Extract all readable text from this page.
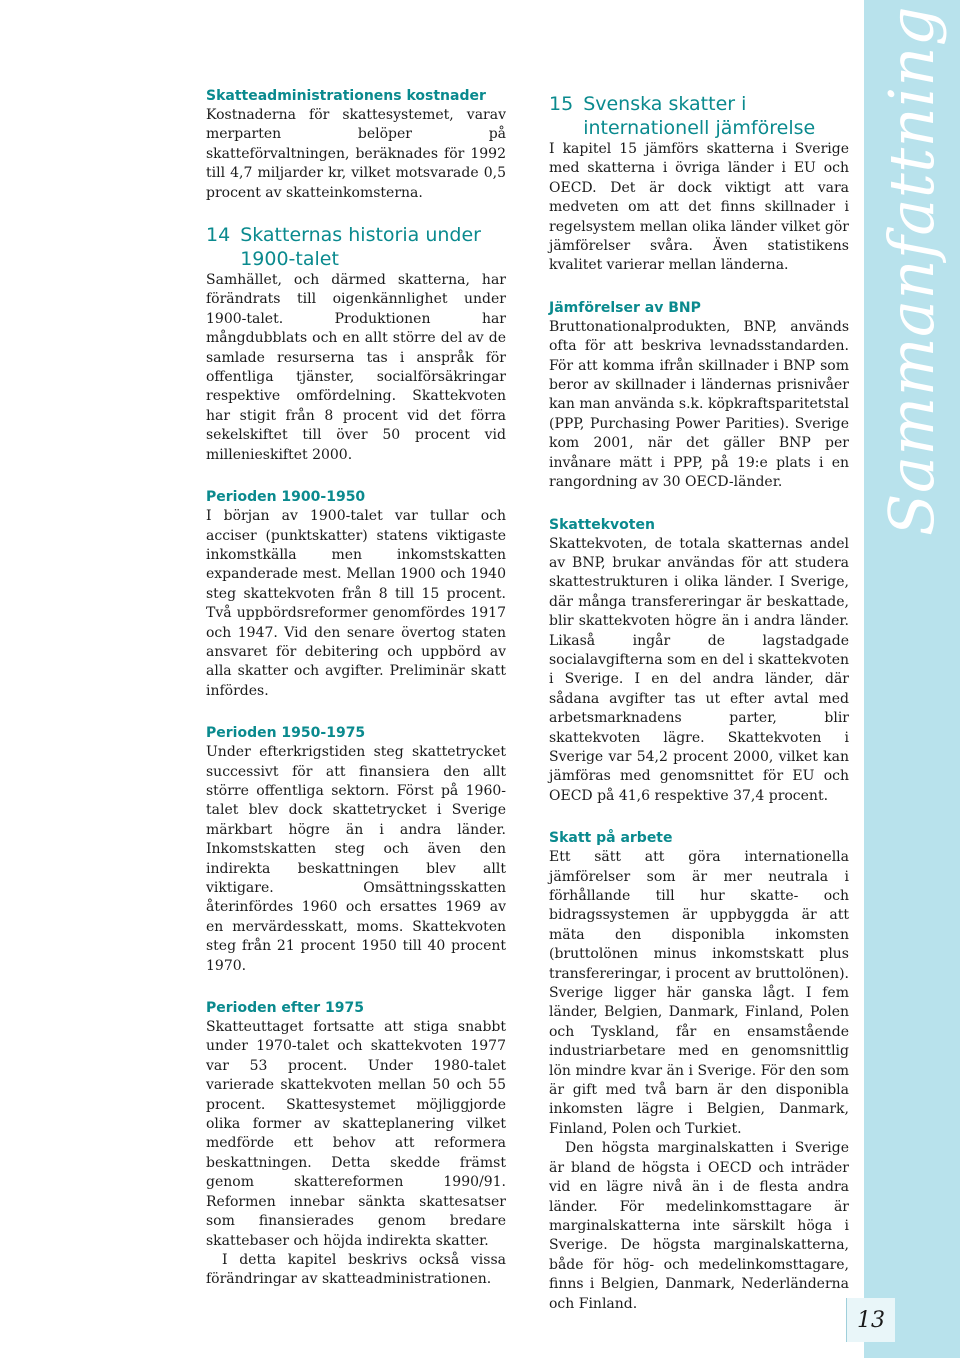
Skatteadministrationens kostnader

Kostnaderna för skattesystemet, varav merparten belöper på skatteförvaltningen, beräknades för 1992 till 4,7 miljarder kr, vilket motsvarade 0,5 procent av skatteinkomsterna.

14 Skatternas historia under 1900-talet

Samhället, och därmed skatterna, har förändrats till oigenkännlighet under 1900-talet. Produktionen har mångdubblats och en allt större del av de samlade resurserna tas i anspråk för offentliga tjänster, socialförsäkringar respektive omfördelning. Skattekvoten har stigit från 8 procent vid det förra sekelskiftet till över 50 procent vid millenieskiftet 2000.

Perioden 1900-1950

I början av 1900-talet var tullar och acciser (punktskatter) statens viktigaste inkomstkälla men inkomstskatten expanderade mest. Mellan 1900 och 1940 steg skattekvoten från 8 till 15 procent. Två uppbördsreformer genomfördes 1917 och 1947. Vid den senare övertog staten ansvaret för debitering och uppbörd av alla skatter och avgifter. Preliminär skatt infördes.

Perioden 1950-1975

Under efterkrigstiden steg skattetrycket successivt för att finansiera den allt större offentliga sektorn. Först på 1960-talet blev dock skattetrycket i Sverige märkbart högre än i andra länder. Inkomstskatten steg och även den indirekta beskattningen blev allt viktigare. Omsättningsskatten återinfördes 1960 och ersattes 1969 av en mervärdesskatt, moms. Skattekvoten steg från 21 procent 1950 till 40 procent 1970.

Perioden efter 1975

Skatteuttaget fortsatte att stiga snabbt under 1970-talet och skattekvoten 1977 var 53 procent. Under 1980-talet varierade skattekvoten mellan 50 och 55 procent. Skattesystemet möjliggjorde olika former av skatteplanering vilket medförde ett behov att reformera beskattningen. Detta skedde främst genom skattereformen 1990/91. Reformen innebar sänkta skattesatser som finansierades genom bredare skattebaser och höjda indirekta skatter.

I detta kapitel beskrivs också vissa förändringar av skatteadministrationen.

15 Svenska skatter i internationell jämförelse

I kapitel 15 jämförs skatterna i Sverige med skatterna i övriga länder i EU och OECD. Det är dock viktigt att vara medveten om att det finns skillnader i regelsystem mellan olika länder vilket gör jämförelser svåra. Även statistikens kvalitet varierar mellan länderna.

Jämförelser av BNP

Bruttonationalprodukten, BNP, används ofta för att beskriva levnadsstandarden. För att komma ifrån skillnader i BNP som beror av skillnader i ländernas prisnivåer kan man använda s.k. köpkraftsparitetstal (PPP, Purchasing Power Parities). Sverige kom 2001, när det gäller BNP per invånare mätt i PPP, på 19:e plats i en rangordning av 30 OECD-länder.

Skattekvoten

Skattekvoten, de totala skatternas andel av BNP, brukar användas för att studera skattestrukturen i olika länder. I Sverige, där många transfereringar är beskattade, blir skattekvoten högre än i andra länder. Likaså ingår de lagstadgade socialavgifterna som en del i skattekvoten i Sverige. I en del andra länder, där sådana avgifter tas ut efter avtal med arbetsmarknadens parter, blir skattekvoten lägre. Skattekvoten i Sverige var 54,2 procent 2000, vilket kan jämföras med genomsnittet för EU och OECD på 41,6 respektive 37,4 procent.

Skatt på arbete

Ett sätt att göra internationella jämförelser som är mer neutrala i förhållande till hur skatte- och bidragssystemen är uppbyggda är att mäta den disponibla inkomsten (bruttolönen minus inkomstskatt plus transfereringar, i procent av bruttolönen). Sverige ligger här ganska lågt. I fem länder, Belgien, Danmark, Finland, Polen och Tyskland, får en ensamstående industriarbetare med en genomsnittlig lön mindre kvar än i Sverige. För den som är gift med två barn är den disponibla inkomsten lägre i Belgien, Danmark, Finland, Polen och Turkiet.

Den högsta marginalskatten i Sverige är bland de högsta i OECD och inträder vid en lägre nivå än i de flesta andra länder. För medelinkomsttagare är marginalskatterna inte särskilt höga i Sverige. De högsta marginalskatterna, både för hög- och medelinkomsttagare, finns i Belgien, Danmark, Nederländerna och Finland.

Sammanfattning
13
